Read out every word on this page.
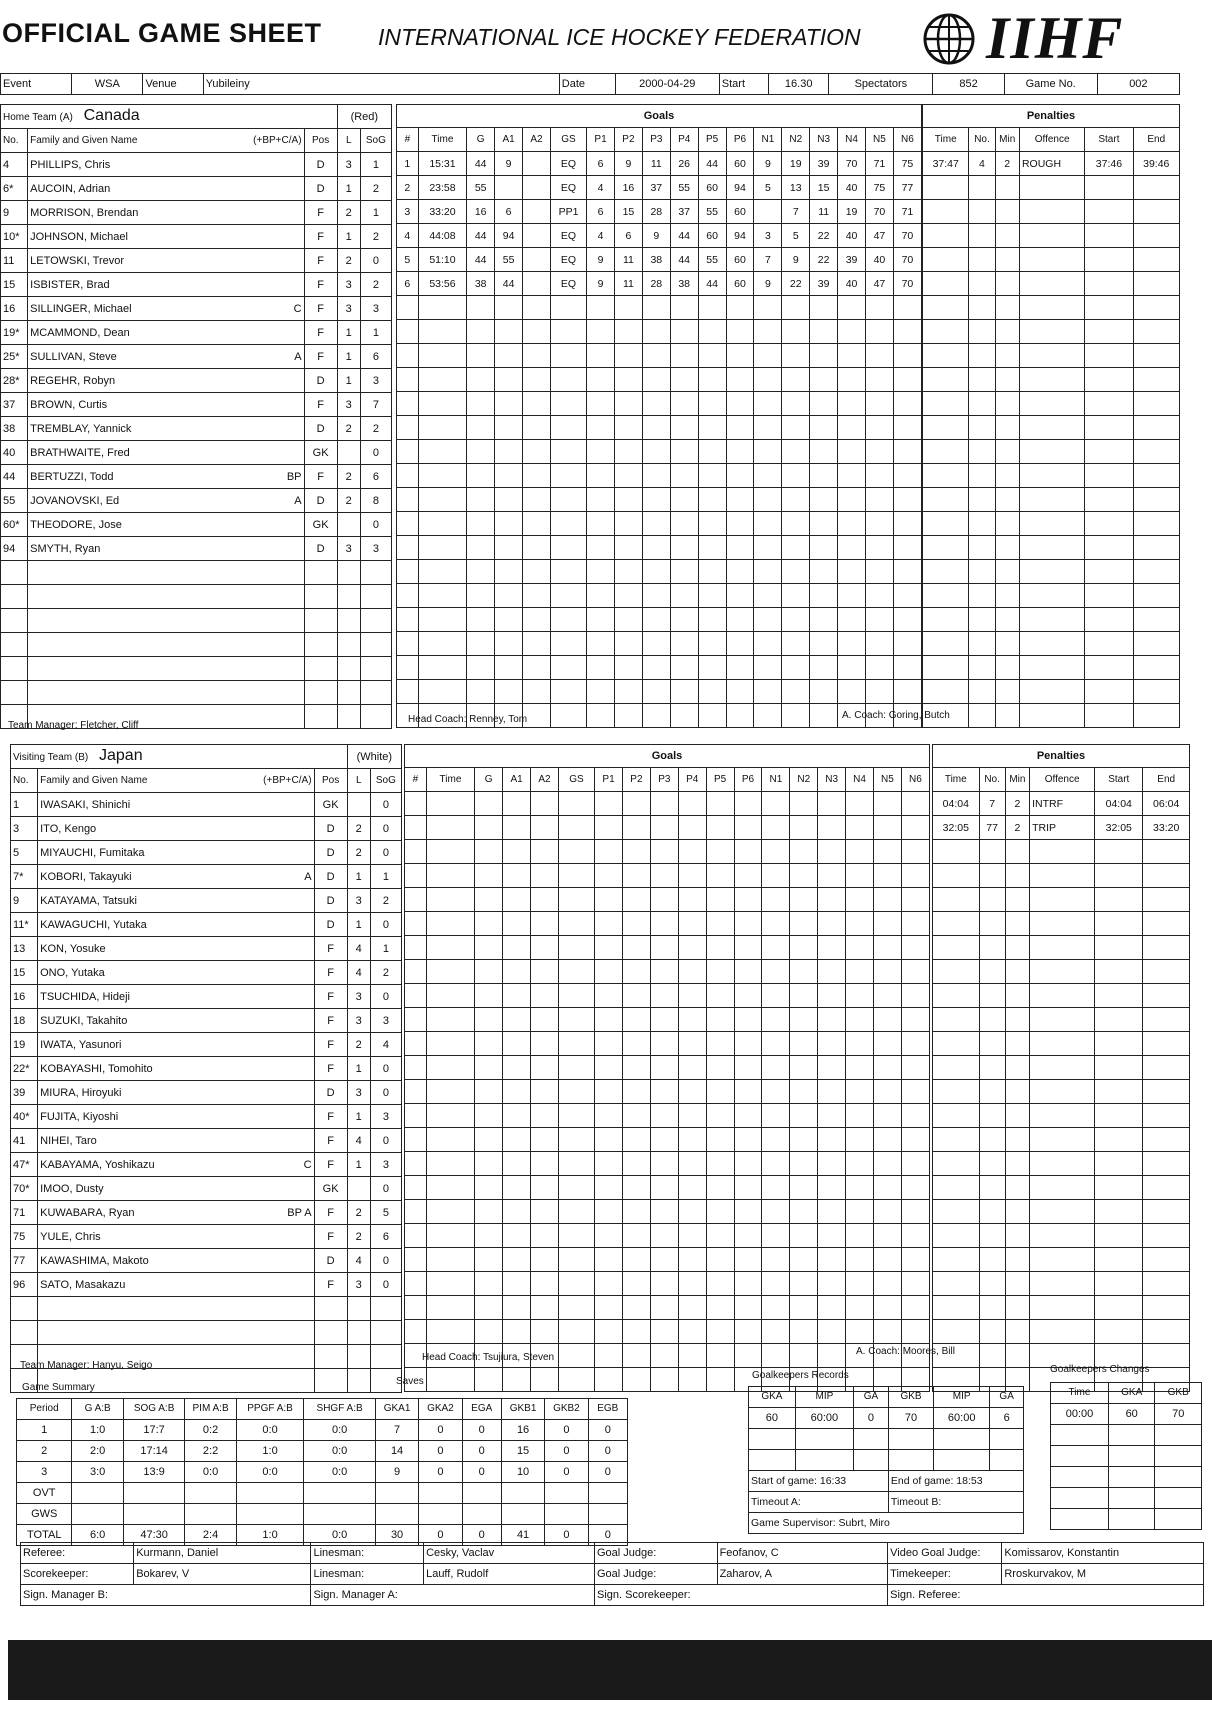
OFFICIAL GAME SHEET INTERNATIONAL ICE HOCKEY FEDERATION IIHF
Event	WSA	Venue	Yubileiny	Date	2000-04-29	Start	16.30	Spectators	852	Game No.	002
Home Team (A) Canada			(Red)	
No.	Family and Given Name (+BP+C/A)	Pos	L	SoG
4	PHILLIPS, Chris	D	3	1
6*	AUCOIN, Adrian	D	1	2
9	MORRISON, Brendan	F	2	1
10*	JOHNSON, Michael	F	1	2
11	LETOWSKI, Trevor	F	2	0
15	ISBISTER, Brad	F	3	2
16	SILLINGER, Michael C	F	3	3
19*	MCAMMOND, Dean	F	1	1
25*	SULLIVAN, Steve A	F	1	6
28*	REGEHR, Robyn	D	1	3
37	BROWN, Curtis	F	3	7
38	TREMBLAY, Yannick	D	2	2
40	BRATHWAITE, Fred	GK		0
44	BERTUZZI, Todd BP	F	2	6
55	JOVANOVSKI, Ed A	D	2	8
60*	THEODORE, Jose	GK		0
94	SMYTH, Ryan	D	3	3

Goals																	
#	Time	G	A1	A2	GS	P1	P2	P3	P4	P5	P6	N1	N2	N3	N4	N5	N6
1	15:31	44	9		EQ	6	9	11	26	44	60	9	19	39	70	71	75
2	23:58	55			EQ	4	16	37	55	60	94	5	13	15	40	75	77
3	33:20	16	6		PP1	6	15	28	37	55	60		7	11	19	70	71
4	44:08	44	94		EQ	4	6	9	44	60	94	3	5	22	40	47	70
5	51:10	44	55		EQ	9	11	38	44	55	60	7	9	22	39	40	70
6	53:56	38	44		EQ	9	11	28	38	44	60	9	22	39	40	47	70

Penalties					
Time	No.	Min	Offence	Start	End
37:47	4	2	ROUGH	37:46	39:46

Team Manager: Fletcher, Cliff
Head Coach: Renney, Tom	A. Coach: Goring, Butch
Visiting Team (B) Japan			(White)	
No.	Family and Given Name (+BP+C/A)	Pos	L	SoG
1	IWASAKI, Shinichi	GK		0
3	ITO, Kengo	D	2	0
5	MIYAUCHI, Fumitaka	D	2	0
7*	KOBORI, Takayuki A	D	1	1
9	KATAYAMA, Tatsuki	D	3	2
11*	KAWAGUCHI, Yutaka	D	1	0
13	KON, Yosuke	F	4	1
15	ONO, Yutaka	F	4	2
16	TSUCHIDA, Hideji	F	3	0
18	SUZUKI, Takahito	F	3	3
19	IWATA, Yasunori	F	2	4
22*	KOBAYASHI, Tomohito	F	1	0
39	MIURA, Hiroyuki	D	3	0
40*	FUJITA, Kiyoshi	F	1	3
41	NIHEI, Taro	F	4	0
47*	KABAYAMA, Yoshikazu C	F	1	3
70*	IMOO, Dusty	GK		0
71	KUWABARA, Ryan BP A	F	2	5
75	YULE, Chris	F	2	6
77	KAWASHIMA, Makoto	D	4	0
96	SATO, Masakazu	F	3	0

Goals																	
#	Time	G	A1	A2	GS	P1	P2	P3	P4	P5	P6	N1	N2	N3	N4	N5	N6

Penalties					
Time	No.	Min	Offence	Start	End
04:04	7	2	INTRF	04:04	06:04
32:05	77	2	TRIP	32:05	33:20

Team Manager: Hanyu, Seigo
Head Coach: Tsujiura, Steven
A. Coach: Moores, Bill
Game Summary
Saves
Period	G A:B	SOG A:B	PIM A:B	PPGF A:B	SHGF A:B	GKA1	GKA2	EGA	GKB1	GKB2	EGB
1	1:0	17:7	0:2	0:0	0:0	7	0	0	16	0	0
2	2:0	17:14	2:2	1:0	0:0	14	0	0	15	0	0
3	3:0	13:9	0:0	0:0	0:0	9	0	0	10	0	0
OVT											
GWS											
TOTAL	6:0	47:30	2:4	1:0	0:0	30	0	0	41	0	0
Goalkeepers Records
GKA	MIP	GA	GKB	MIP	GA
60	60:00	0	70	60:00	6

Start of game: 16:33			End of game: 18:53		
Timeout A:			Timeout B:		
Game Supervisor: Subrt, Miro					
Goalkeepers Changes
Time	GKA	GKB
00:00	60	70

Referee:	Kurmann, Daniel	Linesman:	Cesky, Vaclav	Goal Judge:	Feofanov, C	Video Goal Judge:	Komissarov, Konstantin
Scorekeeper:	Bokarev, V	Linesman:	Lauff, Rudolf	Goal Judge:	Zaharov, A	Timekeeper:	Rroskurvakov, M
Sign. Manager B:		Sign. Manager A:		Sign. Scorekeeper:		Sign. Referee:	
